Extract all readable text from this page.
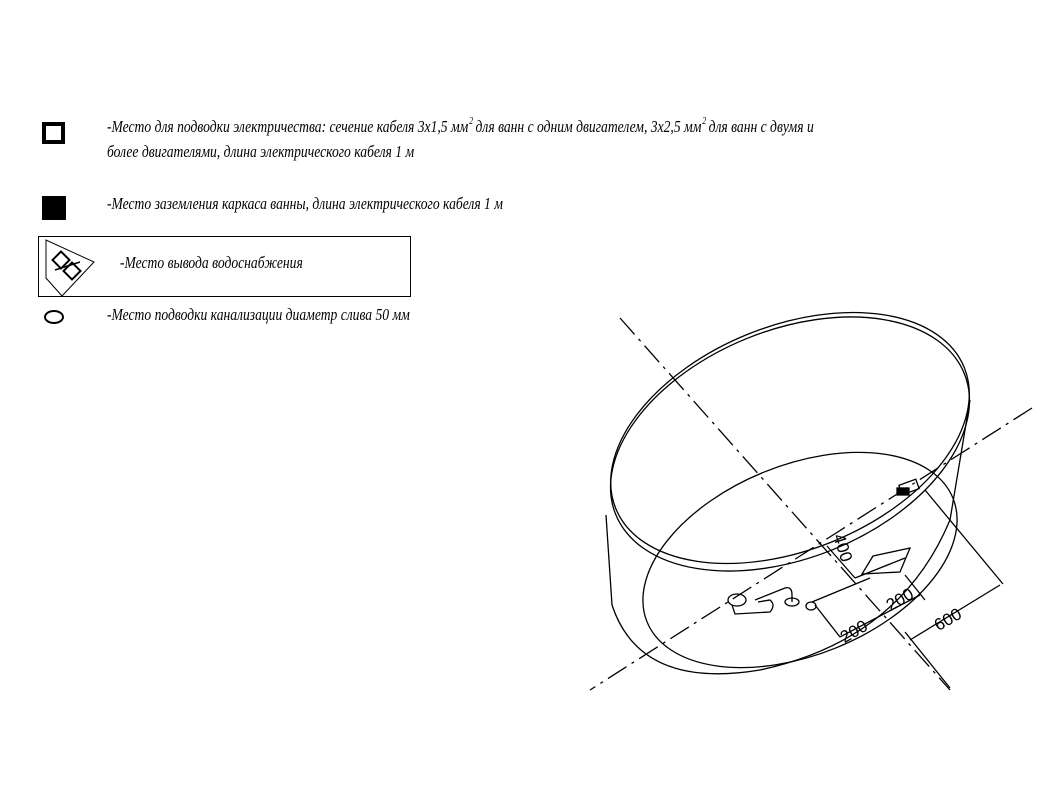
-Место для подводки электричества: сечение кабеля 3х1,5 $мм^2$ для ванн с одним двигателем, 3х2,5 $мм^2$ для ванн с двумя и
более двигателями, длина электрического кабеля 1 м
-Место заземления каркаса ванны, длина электрического кабеля 1 м
-Место вывода водоснабжения
-Место подводки канализации диаметр слива 50 мм
400
200
200
600
